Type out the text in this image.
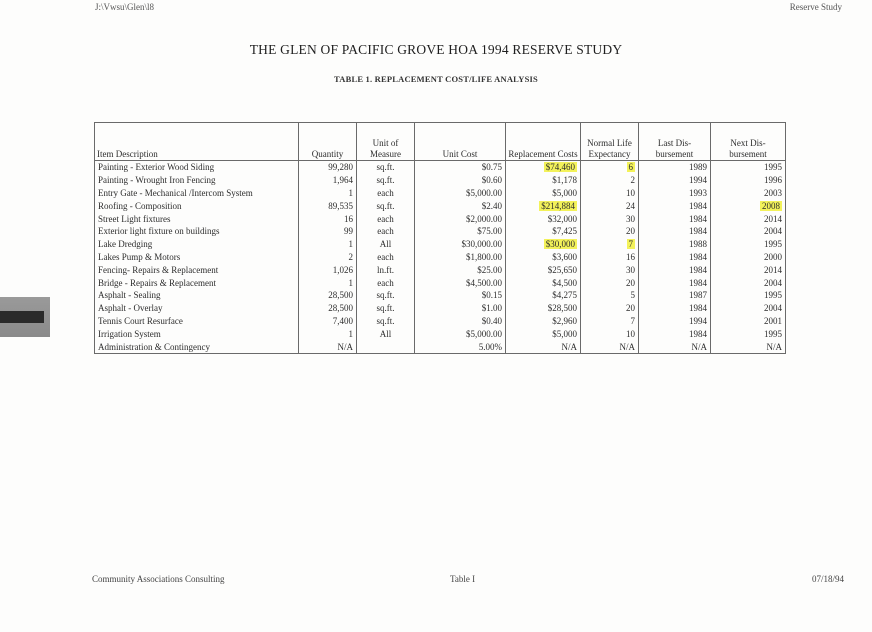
J:\Vwsu\Glen\l8	Reserve Study
THE GLEN OF PACIFIC GROVE HOA 1994 RESERVE STUDY
TABLE 1. REPLACEMENT COST/LIFE ANALYSIS
Item Description	Quantity	Unit of Measure	Unit Cost	Replacement Costs	Normal Life Expectancy	Last Dis- bursement	Next Dis- bursement
Painting - Exterior Wood Siding	99,280	sq.ft.	$0.75	$74,460	6	1989	1995
Painting - Wrought Iron Fencing	1,964	sq.ft.	$0.60	$1,178	2	1994	1996
Entry Gate - Mechanical /Intercom System	1	each	$5,000.00	$5,000	10	1993	2003
Roofing - Composition	89,535	sq.ft.	$2.40	$214,884	24	1984	2008
Street Light fixtures	16	each	$2,000.00	$32,000	30	1984	2014
Exterior light fixture on buildings	99	each	$75.00	$7,425	20	1984	2004
Lake Dredging	1	All	$30,000.00	$30,000	7	1988	1995
Lakes Pump & Motors	2	each	$1,800.00	$3,600	16	1984	2000
Fencing- Repairs & Replacement	1,026	ln.ft.	$25.00	$25,650	30	1984	2014
Bridge - Repairs & Replacement	1	each	$4,500.00	$4,500	20	1984	2004
Asphalt - Sealing	28,500	sq.ft.	$0.15	$4,275	5	1987	1995
Asphalt - Overlay	28,500	sq.ft.	$1.00	$28,500	20	1984	2004
Tennis Court Resurface	7,400	sq.ft.	$0.40	$2,960	7	1994	2001
Irrigation System	1	All	$5,000.00	$5,000	10	1984	1995
Administration & Contingency	N/A		5.00%	N/A	N/A	N/A	N/A
Community Associations Consulting	Table I	07/18/94
